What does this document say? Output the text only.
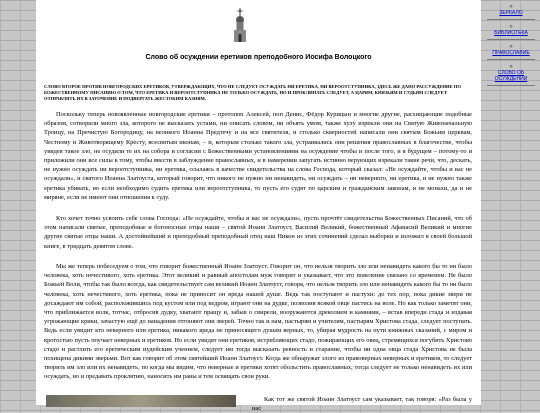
Слово об осуждении еретиков преподобного Иосифа Волоцкого
СЛОВО ВТОРОЕ ПРОТИВ НОВГОРОДСКИХ ЕРЕТИКОВ, УТВЕРЖДАЮЩИХ, ЧТО НЕ СЛЕДУЕТ ОСУЖДАТЬ НИ ЕРЕТИКА, НИ ВЕРООТСТУПНИКА, ЗДЕСЬ ЖЕ ДАНО РАССУЖДЕНИЕ ПО БОЖЕСТВЕННОМУ ПИСАНИЮ О ТОМ, ЧТО ЕРЕТИКА И ВЕРООТСТУПНИКА НЕ ТОЛЬКО ОСУЖДАТЬ, НО И ПРОКЛИНАТЬ СЛЕДУЕТ, А ЦАРЯМ, КНЯЗЬЯМ И СУДЬЯМ СЛЕДУЕТ ОТПРАВЛЯТЬ ИХ В ЗАТОЧЕНИЕ И ПОДВЕРГАТЬ ЖЕСТОКИМ КАЗНЯМ.

Поскольку теперь новоявленные новгородские еретики – протопоп Алексей, поп Денис, Фёдор Курицын и многие другие, расхищающие подобные образом, сотворили много зла, которого не высказать устами, ни описать словом, ни объять умом, также хулу изрекли они на Святую Живоначальную Троицу, на Пречистую Богородицу, на великого Иоанна Предтечу и на все святителя, и столько скверностей написали они святым Божьим церквам, Честному и Животворящему Кресту, всесвятым иконам, – и, которым столько такого зла, устраивались они решения православных в благочестие, чтобы увидев такое зло, не осудили те их на собора и согласии с Божественными установлениями на осуждение чтобы и после того, и в будущем – потому-то и приложили они все силы к тому, чтобы ввести в заблуждение православных, и в намерении запугать истинно верующих изрекали такие речи, что, дескать, не нужно осуждать ни вероотступника, ни еретика, ссылаясь в качестве свидетельства на слова Господа, который сказал: «Не осуждайте, чтобы и вас не осуждали», и святого Иоанна Златоуста, который говорит, что никого не нужно ни ненавидеть, ни осуждать – ни неверного, ни еретика, и не нужно также еретика убивать, но если необходимо судить еретика или вероотступника, то пусть его судят по царским и гражданским законам, и не монахи, да и не мирянe, если не имеют они отношения к суду.

Кто хочет точно усвоить себе слова Господа: «Не осуждайте, чтобы и вас не осуждали», пусть прочтёт свидетельства Божественных Писаний, что об этом написали святые, преподобные и богоносные отцы наши – святой Иоанн Златоуст, Василий Великий, божественный Афанасий Великий и многие другие святые отцы наши. А достойнейший и преподобный преподобный отец наш Никон из этих сочинений сделал выборки и изложил в своей большой книге, в тридцать девятом слове.

Мы же теперь побеседуем о том, что говорит божественный Иоанн Златоуст. Говорит он, что нельзя творить зло или ненавидеть какого бы то ни было человека, хоть нечестивого, хоть еретика. Этот великий и равный апостолам муж говорит и указывает, что это повеление связано со временем. Не было Божьей Воли, чтобы так было всегда, как свидетельствует сам великий Иоанн Златоуст, говоря, что нельзя творить зло или ненавидеть какого бы то ни было человека, хоть нечестивого, хоть еретика, пока не приносит он вреда нашей душе. Ведь так поступают и пастухи: до тех пор, пока дикие звери не досаждают им собой, расположившись под кустом или под кедром, играют они на дудке, позволив всякой овце пастись на воле. Но как только заметят они, что приближается волк, тотчас, отбросив дудку, хватают пращу и, забыв о свирели, вооружаются дреколием и камнями, – встав впереди стада и издавая угрожающие крики, зачастую ещё до нападения отгоняют они зверей. Точно так и нам, пастырям и учителям, пастырям Христова стада, следует поступать. Ведь если увидит кто неверного или еретика, никакого вреда не приносящего душам верных, то, убирая мудрость на пути книжных сказаний, с миром и кротостью пусть поучает неверных и еретиков. Но если увидят они еретиков, истребляющих стадо, пожирающих его овец, стремящихся погубить Христово стадо и растлить его еретическим иудейским учением, следует им тогда высказать ревность и старание, чтобы ни одна овца стада Христова не была похищена дикими зверьми. Вот как говорит об этом святейший Иоанн Златоуст. Когда же обнаружат злого из правоверных неверных и еретиков, то следует творить им зло или их ненавидеть, по когда мы видим, что неверные и еретики хотят обольстить православных, тогда следует не только ненавидеть их или осуждать, но и предавать проклятию, наносить им раны и тем освящать свои руки.

Как тот же святой Иоанн Златоуст сам указывает, так говоря: «Раз была у нас

»
ЗЕРКАЛО
»
БИБЛИОТЕКА
»
ПРАВОСЛАВИЕ
»
СЛОВО ОБ ОСУЖДЕНИИ
